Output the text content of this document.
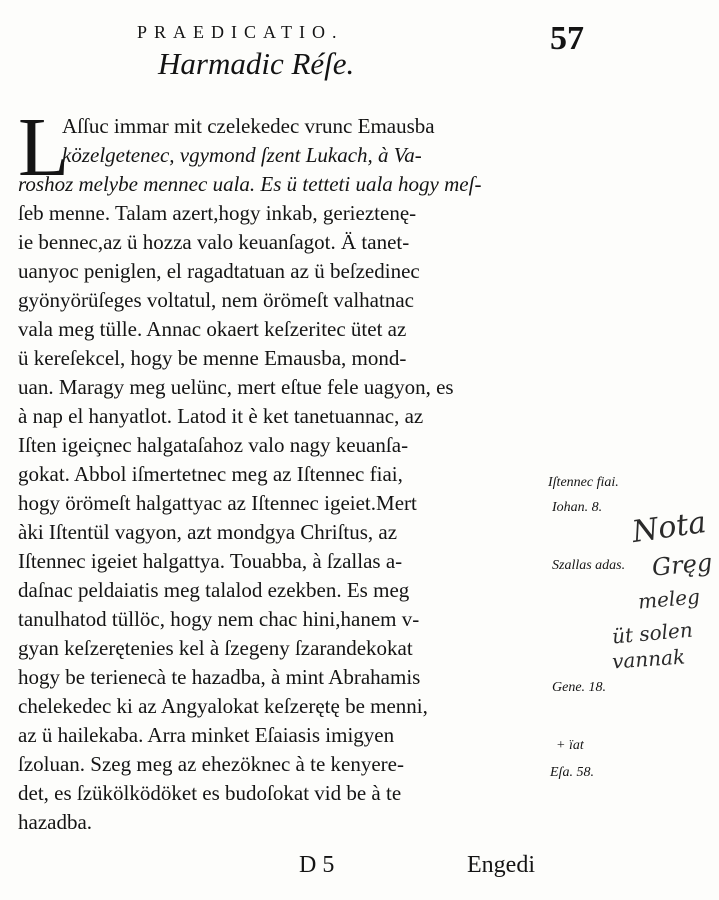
PRAEDICATIO.	57
Harmadic Réſe.
L
Aſſuc immar mit czelekedec vrunc Emausba
közelgetenec, vgymond ſzent Lukach, à Va-
roshoz melybe mennec uala. Es ü tetteti uala hogy meſ-
ſeb menne. Talam azert,hogy inkab, gerieztenę-
ie bennec,az ü hozza valo keuanſagot. Ä tanet-
uanyoc peniglen, el ragadtatuan az ü beſzedinec
gyönyörüſeges voltatul, nem örömeſt valhatnac
vala meg tülle. Annac okaert keſzeritec ütet az
ü kereſekcel, hogy be menne Emausba, mond-
uan. Maragy meg uelünc, mert eſtue fele uagyon, es
à nap el hanyatlot. Latod it è ket tanetuannac, az
Iſten igeiçnec halgataſahoz valo nagy keuanſa-
gokat. Abbol iſmertetnec meg az Iſtennec fiai,
hogy örömeſt halgattyac az Iſtennec igeiet.Mert
àki Iſtentül vagyon, azt mondgya Chriſtus, az
Iſtennec igeiet halgattya. Touabba, à ſzallas a-
daſnac peldaiatis meg talalod ezekben. Es meg
tanulhatod tüllöc, hogy nem chac hini,hanem v-
gyan keſzerętenies kel à ſzegeny ſzarandekokat
hogy be terienecà te hazadba, à mint Abrahamis
chelekedec ki az Angyalokat keſzerętę be menni,
az ü hailekaba. Arra minket Eſaiasis imigyen
ſzoluan. Szeg meg az ehezöknec à te kenyere-
det, es ſzükölködöket es budoſokat vid be à te
hazadba.
Iſtennec fiai.
Iohan. 8.
Szallas adas.
Gene. 18.
+ ïat
Eſa. 58.
Nota
Gręg
meleg
üt solen
vannak
D 5	Engedi
